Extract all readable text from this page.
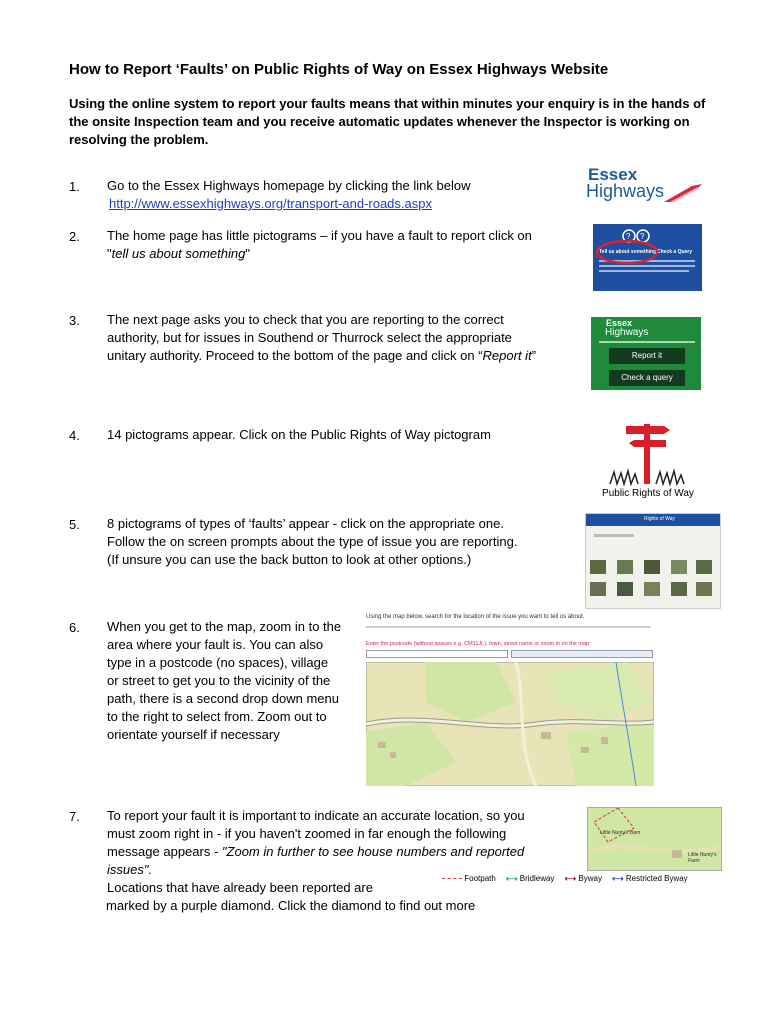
How to Report ‘Faults’ on Public Rights of Way on Essex Highways Website
Using the online system to report your faults means that within minutes your enquiry is in the hands of the onsite Inspection team and you receive automatic updates whenever the Inspector is working on resolving the problem.
1. Go to the Essex Highways homepage by clicking the link below
http://www.essexhighways.org/transport-and-roads.aspx
2. The home page has little pictograms – if you have a fault to report click on "tell us about something"
3. The next page asks you to check that you are reporting to the correct authority, but for issues in Southend or Thurrock select the appropriate unitary authority. Proceed to the bottom of the page and click on “Report it”
4. 14 pictograms appear. Click on the Public Rights of Way pictogram
5. 8 pictograms of types of ‘faults’ appear - click on the appropriate one. Follow the on screen prompts about the type of issue you are reporting. (If unsure you can use the back button to look at other options.)
6. When you get to the map, zoom in to the area where your fault is. You can also type in a postcode (no spaces), village or street to get you to the vicinity of the path, there is a second drop down menu to the right to select from. Zoom out to orientate yourself if necessary
7. To report your fault it is important to indicate an accurate location, so you must zoom right in - if you haven't zoomed in far enough the following message appears - "Zoom in further to see house numbers and reported issues".
Locations that have already been reported are
marked by a purple diamond. Click the diamond to find out more
Essex
Highways
? ?
Tell us about something Check a Query
Essex
Highways
Report it
Check a query
Public Rights of Way
Rights of Way
Using the map below, search for the location of the issue you want to tell us about.
Enter the postcode (without spaces e.g. CM11JL), town, street name or zoom in on the map:
Little Nunty's Barn
Little Nunty's Farm
Footpath ⟷ Bridleway ⟷ Byway ⟷ Restricted Byway
